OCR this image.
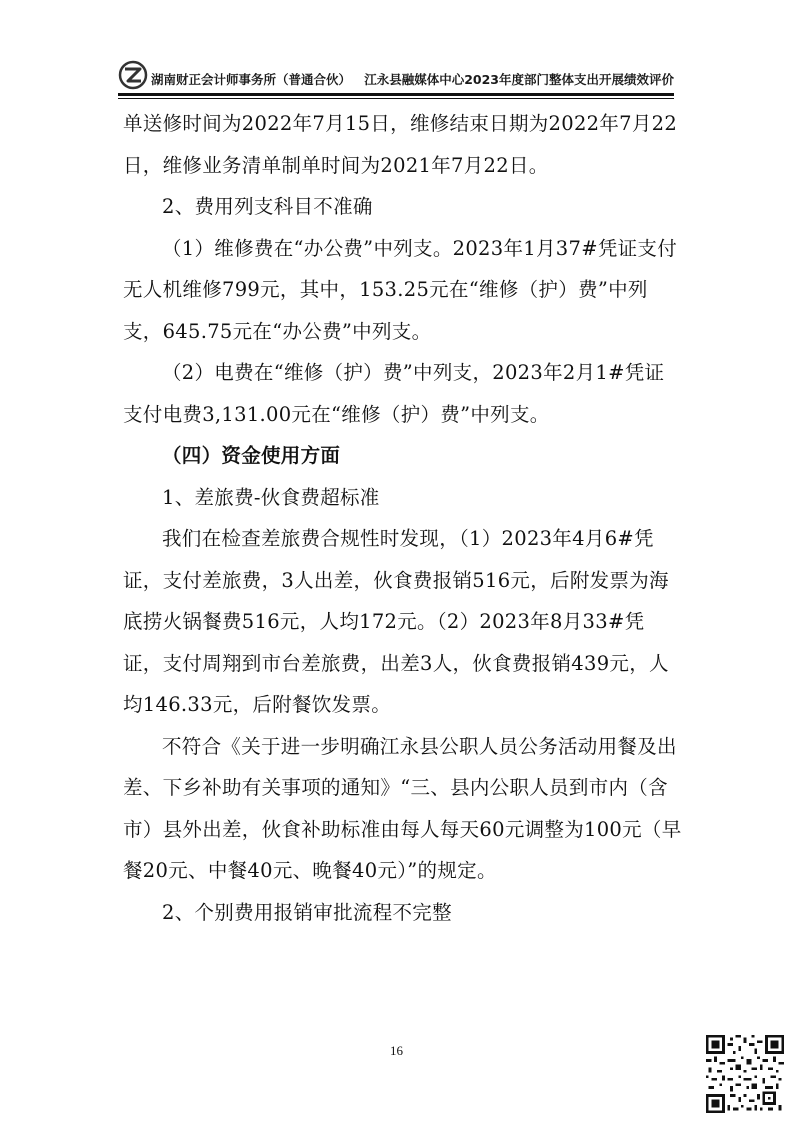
湖南财正会计师事务所（普通合伙） 江永县融媒体中心2023年度部门整体支出开展绩效评价

单送修时间为2022年7月15日，维修结束日期为2022年7月22日，维修业务清单制单时间为2021年7月22日。

2、费用列支科目不准确

（1）维修费在“办公费”中列支。2023年1月37#凭证支付无人机维修799元，其中，153.25元在“维修（护）费”中列支，645.75元在“办公费”中列支。

（2）电费在“维修（护）费”中列支，2023年2月1#凭证支付电费3,131.00元在“维修（护）费”中列支。

（四）资金使用方面

1、差旅费-伙食费超标准

我们在检查差旅费合规性时发现，（1）2023年4月6#凭证，支付差旅费，3人出差，伙食费报销516元，后附发票为海底捞火锅餐费516元，人均172元。（2）2023年8月33#凭证，支付周翔到市台差旅费，出差3人，伙食费报销439元，人均146.33元，后附餐饮发票。

不符合《关于进一步明确江永县公职人员公务活动用餐及出差、下乡补助有关事项的通知》“三、县内公职人员到市内（含市）县外出差，伙食补助标准由每人每天60元调整为100元（早餐20元、中餐40元、晚餐40元）”的规定。

2、个别费用报销审批流程不完整

16
